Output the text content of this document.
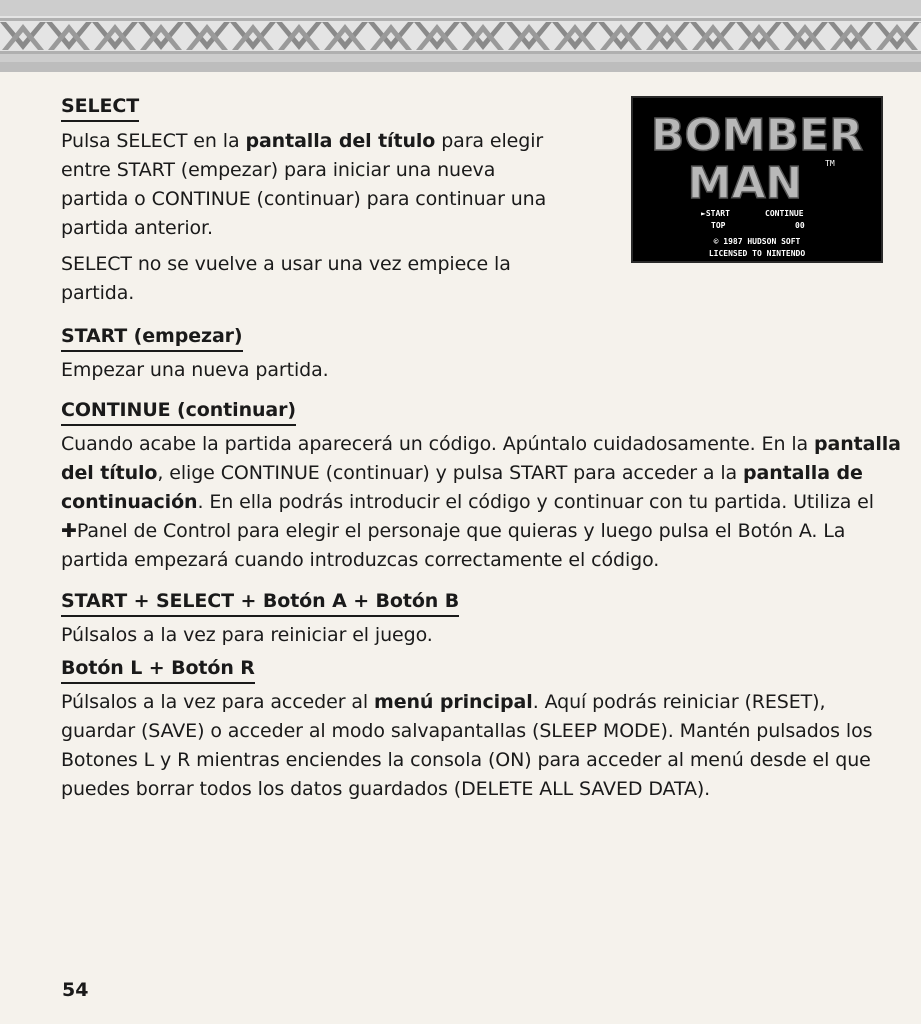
BOMBER
MAN	TM
►START	CONTINUE
TOP	00
© 1987 HUDSON SOFT
LICENSED TO NINTENDO
SELECT

Pulsa SELECT en la pantalla del título para elegir entre START (empezar) para iniciar una nueva partida o CONTINUE (continuar) para continuar una partida anterior.

SELECT no se vuelve a usar una vez empiece la partida.

START (empezar)

Empezar una nueva partida.

CONTINUE (continuar)

Cuando acabe la partida aparecerá un código. Apúntalo cuidadosamente. En la pantalla del título, elige CONTINUE (continuar) y pulsa START para acceder a la pantalla de continuación. En ella podrás introducir el código y continuar con tu partida. Utiliza el ✚Panel de Control para elegir el personaje que quieras y luego pulsa el Botón A. La partida empezará cuando introduzcas correctamente el código.

START + SELECT + Botón A + Botón B

Púlsalos a la vez para reiniciar el juego.

Botón L + Botón R

Púlsalos a la vez para acceder al menú principal. Aquí podrás reiniciar (RESET), guardar (SAVE) o acceder al modo salvapantallas (SLEEP MODE). Mantén pulsados los Botones L y R mientras enciendes la consola (ON) para acceder al menú desde el que puedes borrar todos los datos guardados (DELETE ALL SAVED DATA).

54
